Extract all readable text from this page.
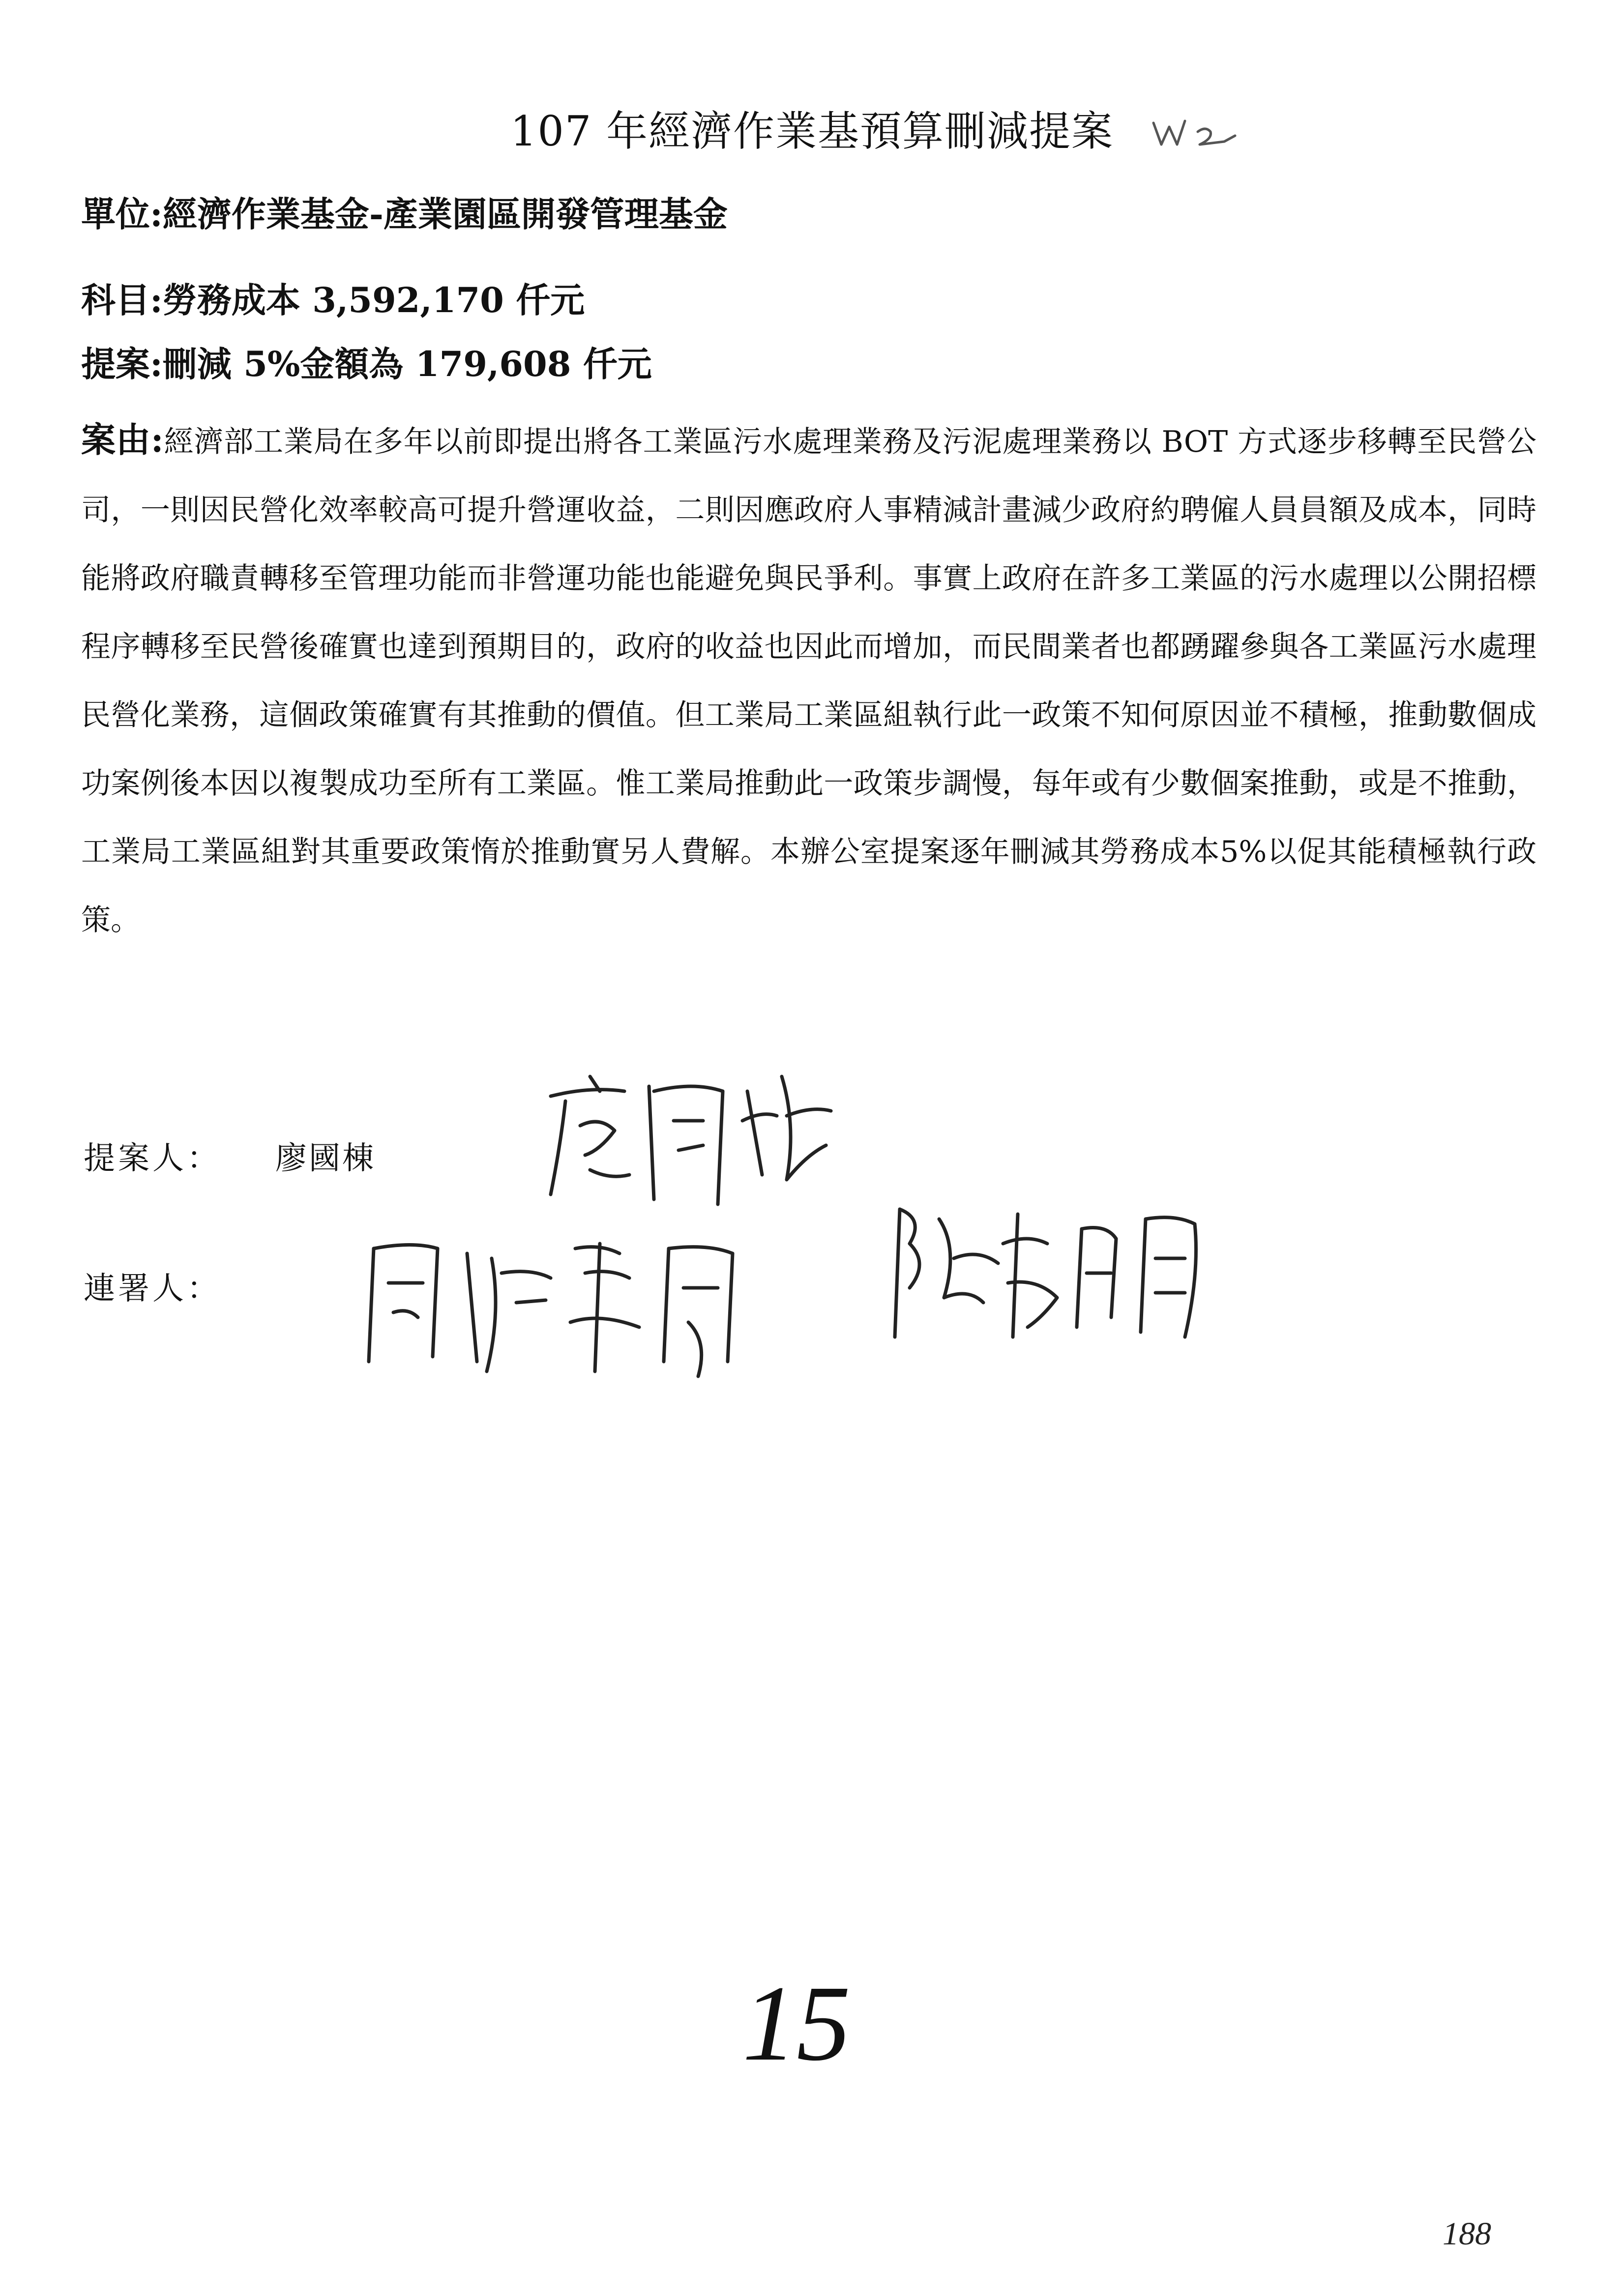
107 年經濟作業基預算刪減提案
單位:經濟作業基金-產業園區開發管理基金
科目:勞務成本 3,592,170 仟元
提案:刪減 5%金額為 179,608 仟元
案由:經濟部工業局在多年以前即提出將各工業區污水處理業務及污泥處理業務以 BOT 方式逐步移轉至民營公司，一則因民營化效率較高可提升營運收益，二則因應政府人事精減計畫減少政府約聘僱人員員額及成本，同時能將政府職責轉移至管理功能而非營運功能也能避免與民爭利。事實上政府在許多工業區的污水處理以公開招標程序轉移至民營後確實也達到預期目的，政府的收益也因此而增加，而民間業者也都踴躍參與各工業區污水處理民營化業務，這個政策確實有其推動的價值。但工業局工業區組執行此一政策不知何原因並不積極，推動數個成功案例後本因以複製成功至所有工業區。惟工業局推動此一政策步調慢，每年或有少數個案推動，或是不推動，工業局工業區組對其重要政策惰於推動實另人費解。本辦公室提案逐年刪減其勞務成本5%以促其能積極執行政策。
提案人： 廖國棟
連署人：
15
188
